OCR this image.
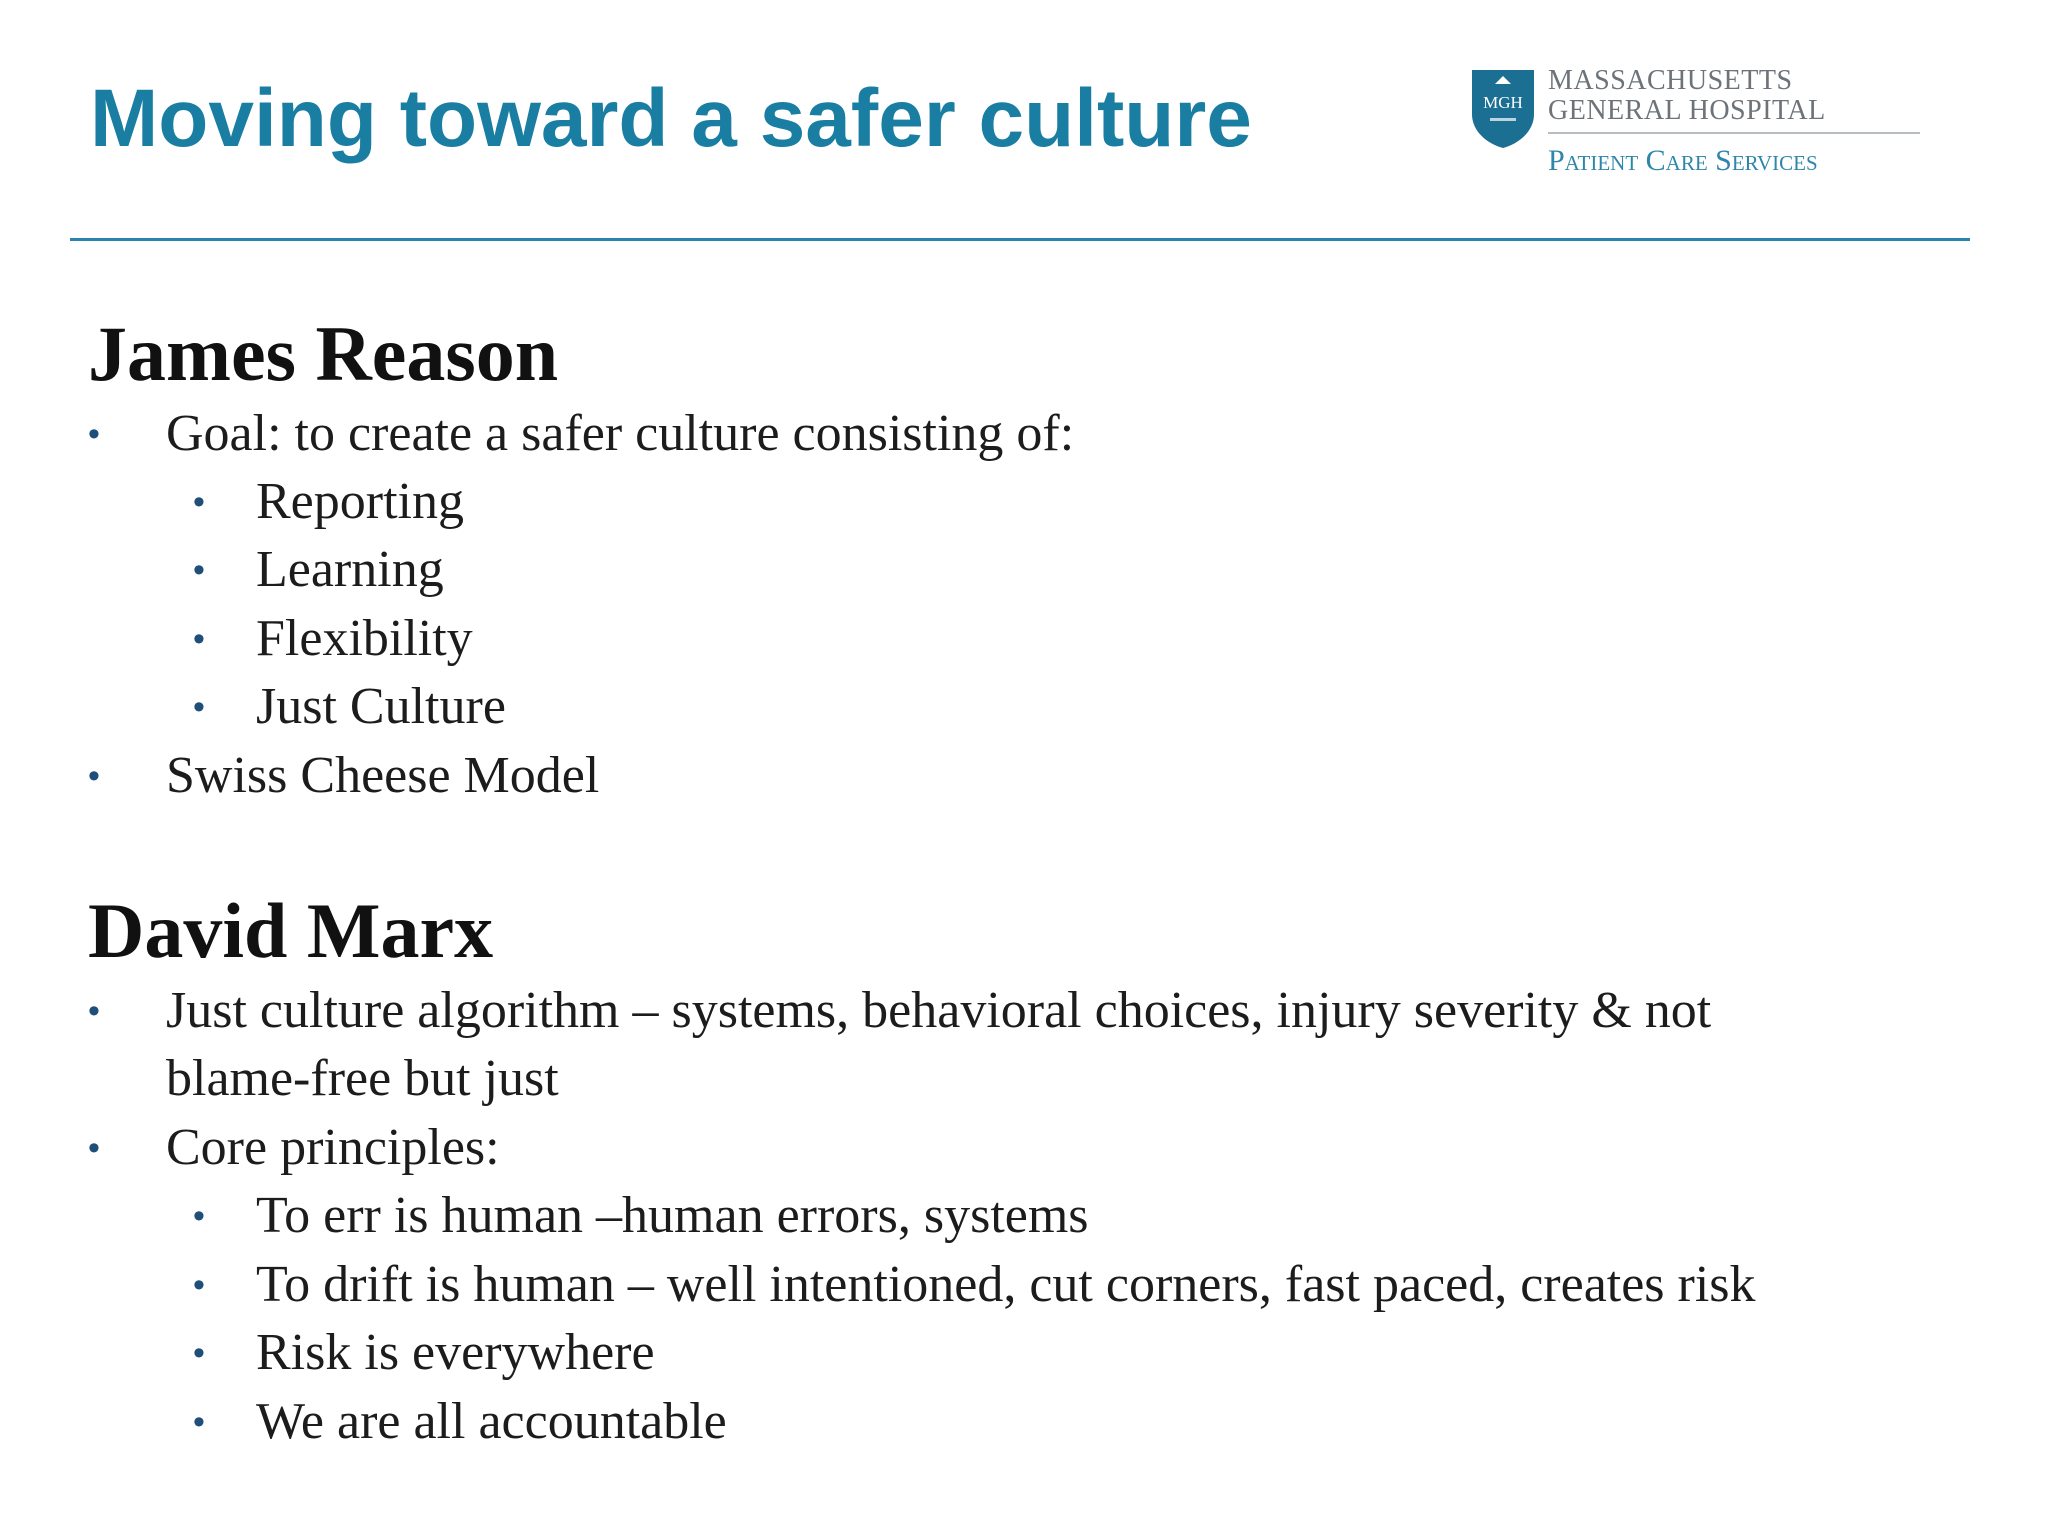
Moving toward a safer culture	MGH
MASSACHUSETTS
GENERAL HOSPITAL
Patient Care Services
James Reason
• Goal: to create a safer culture consisting of:
• Reporting
• Learning
• Flexibility
• Just Culture
• Swiss Cheese Model
David Marx
• Just culture algorithm – systems, behavioral choices, injury severity & not
blame-free but just
• Core principles:
• To err is human –human errors, systems
• To drift is human – well intentioned, cut corners, fast paced, creates risk
• Risk is everywhere
• We are all accountable
